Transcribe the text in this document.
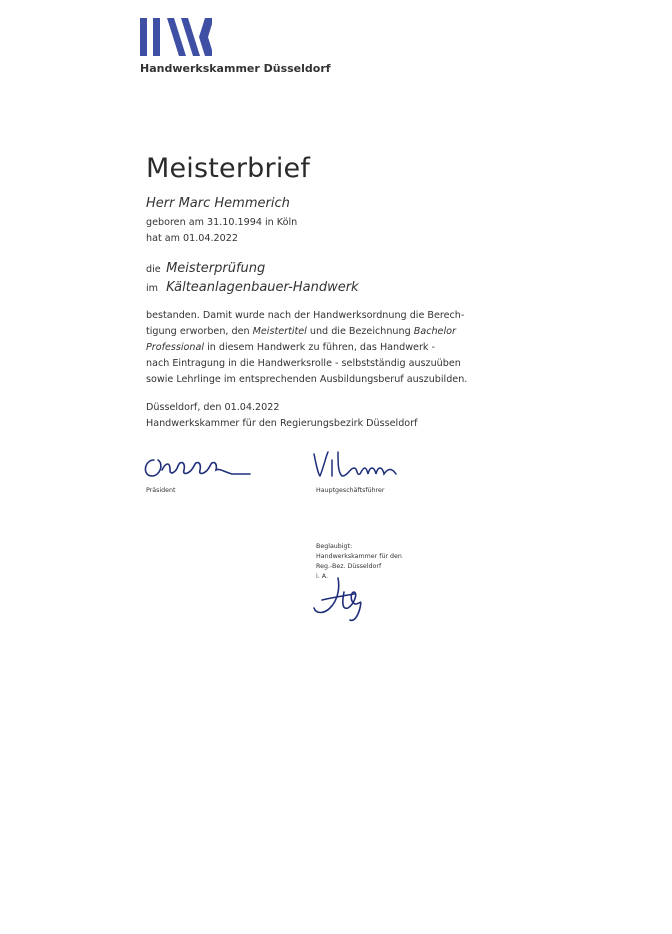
Handwerkskammer Düsseldorf
Meisterbrief
Herr Marc Hemmerich
geboren am 31.10.1994 in Köln
hat am 01.04.2022
die Meisterprüfung
im Kälteanlagenbauer-Handwerk
bestanden. Damit wurde nach der Handwerksordnung die Berech-
tigung erworben, den Meistertitel und die Bezeichnung Bachelor
Professional in diesem Handwerk zu führen, das Handwerk -
nach Eintragung in die Handwerksrolle - selbstständig auszuüben
sowie Lehrlinge im entsprechenden Ausbildungsberuf auszubilden.
Düsseldorf, den 01.04.2022
Handwerkskammer für den Regierungsbezirk Düsseldorf
Präsident	Hauptgeschäftsführer
Beglaubigt:
Handwerkskammer für den
Reg.-Bez. Düsseldorf
i. A.
